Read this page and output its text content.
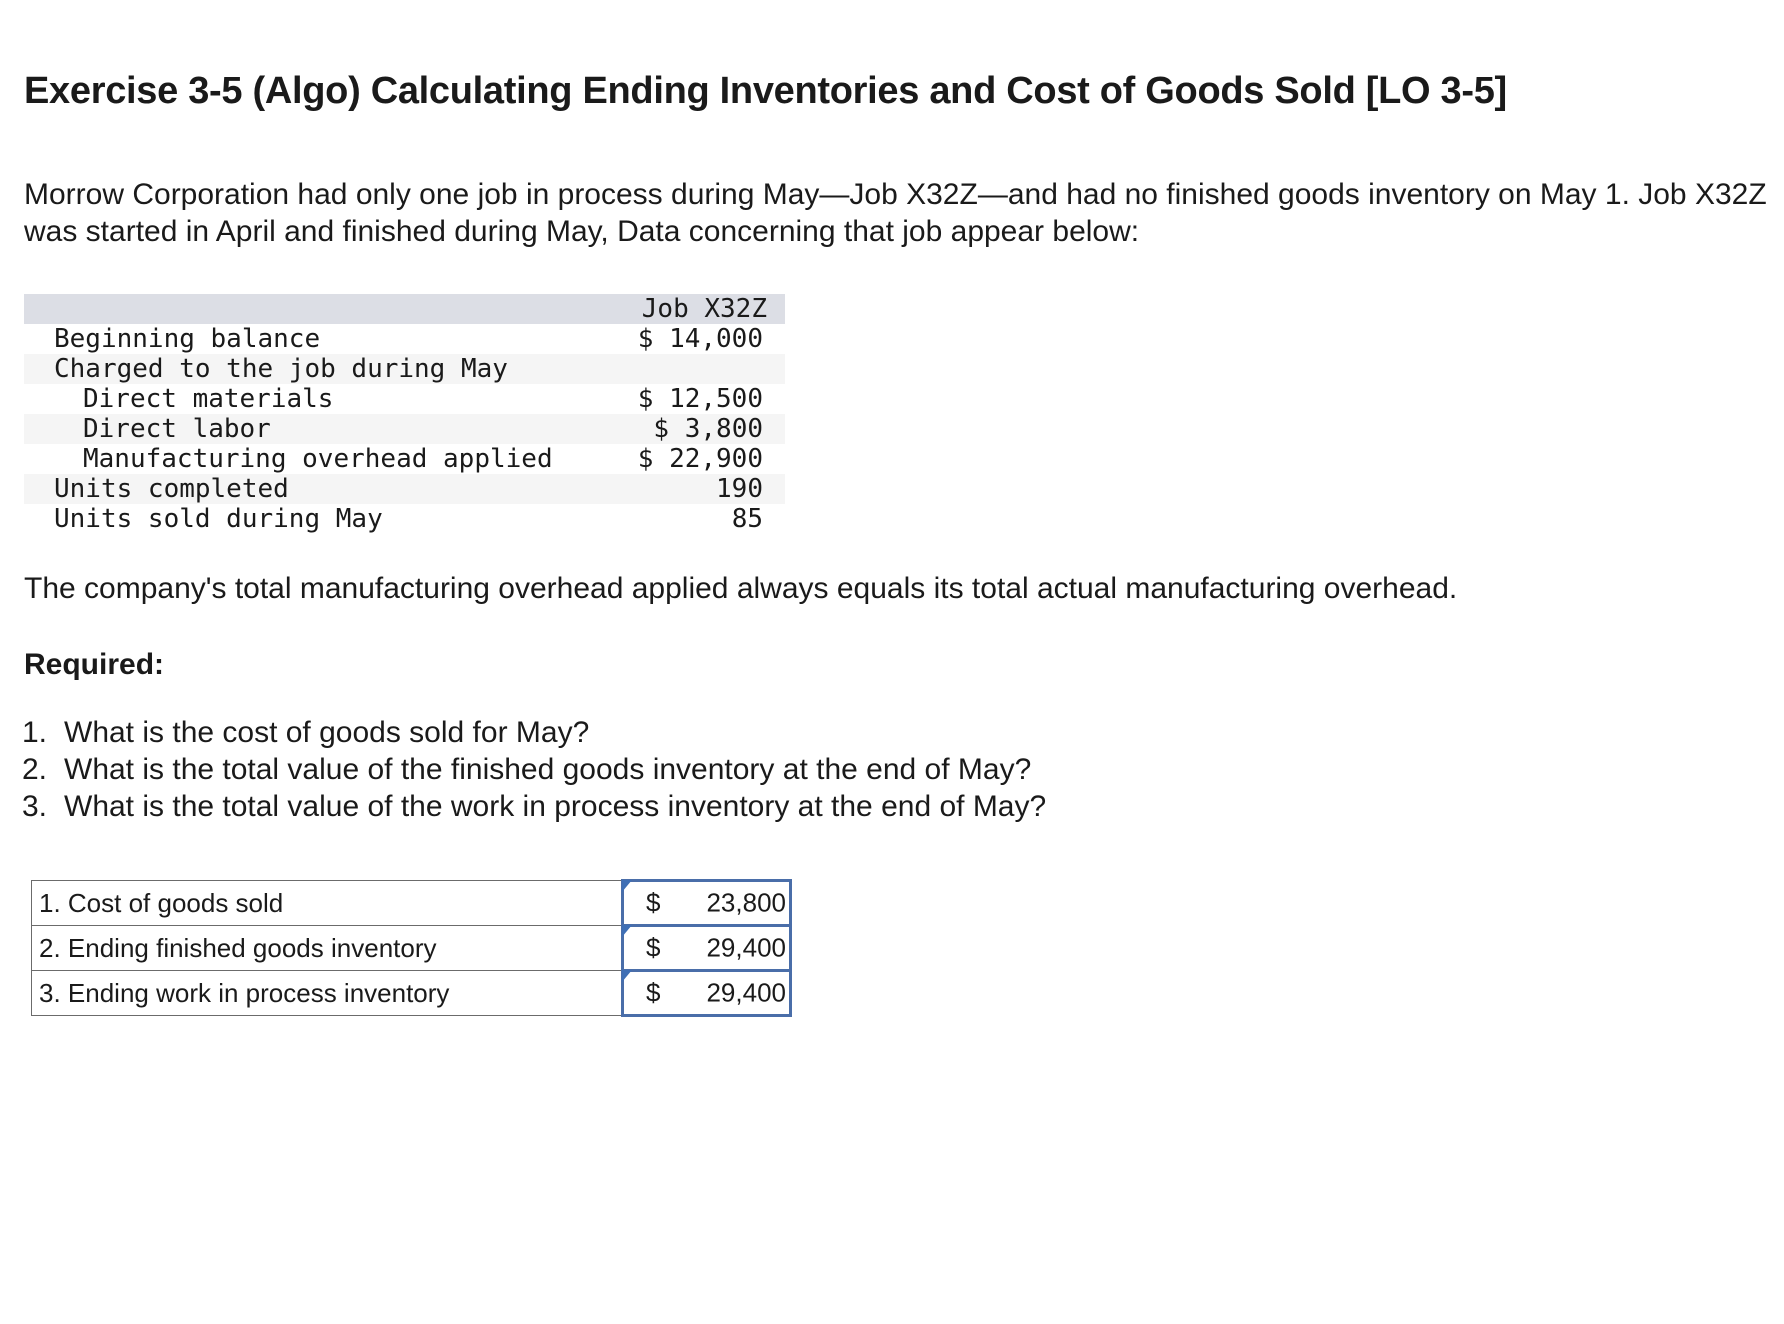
Exercise 3-5 (Algo) Calculating Ending Inventories and Cost of Goods Sold [LO 3-5]

Morrow Corporation had only one job in process during May—Job X32Z—and had no finished goods inventory on May 1. Job X32Z
was started in April and finished during May, Data concerning that job appear below:

Job X32Z
Beginning balance	$ 14,000
Charged to the job during May
Direct materials	$ 12,500
Direct labor	$ 3,800
Manufacturing overhead applied	$ 22,900
Units completed	190
Units sold during May	85

The company's total manufacturing overhead applied always equals its total actual manufacturing overhead.

Required:

1. What is the cost of goods sold for May?
2. What is the total value of the finished goods inventory at the end of May?
3. What is the total value of the work in process inventory at the end of May?
1. Cost of goods sold	$ 23,800

2. Ending finished goods inventory	$ 29,400

3. Ending work in process inventory	$ 29,400
